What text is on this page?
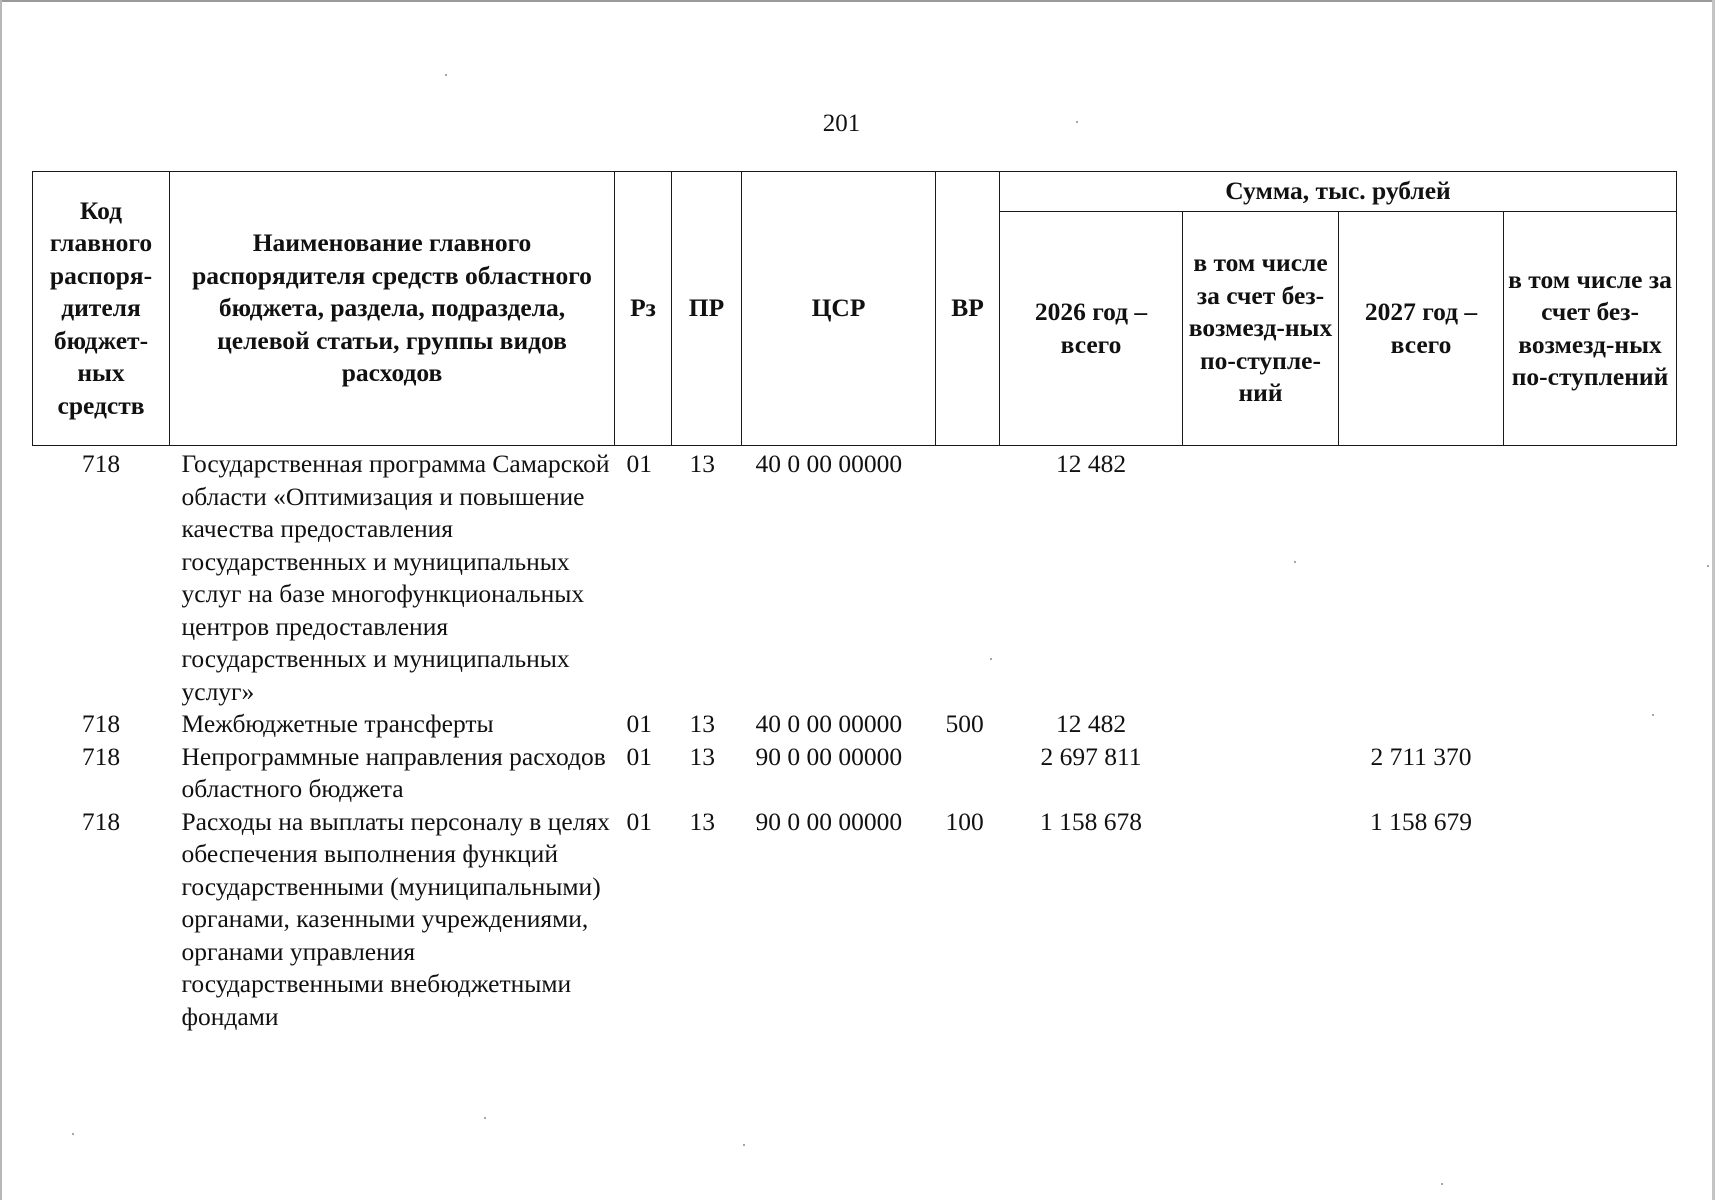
201
Код главного распоря-дителя бюджет-ных средств	Наименование главного распорядителя средств областного бюджета, раздела, подраздела, целевой статьи, группы видов расходов	Рз	ПР	ЦСР	ВР	Сумма, тыс. рублей			
						2026 год – всего	в том числе за счет без-возмезд-ных по-ступле-ний	2027 год – всего	в том числе за счет без-возмезд-ных по-ступлений
718	Государственная программа Самарской области «Оптимизация и повышение качества предоставления государственных и муниципальных услуг на базе многофункциональных центров предоставления государственных и муниципальных услуг»	01	13	40 0 00 00000		12 482			
718	Межбюджетные трансферты	01	13	40 0 00 00000	500	12 482			
718	Непрограммные направления расходов областного бюджета	01	13	90 0 00 00000		2 697 811		2 711 370	
718	Расходы на выплаты персоналу в целях обеспечения выполнения функций государственными (муниципальными) органами, казенными учреждениями, органами управления государственными внебюджетными фондами	01	13	90 0 00 00000	100	1 158 678		1 158 679	
